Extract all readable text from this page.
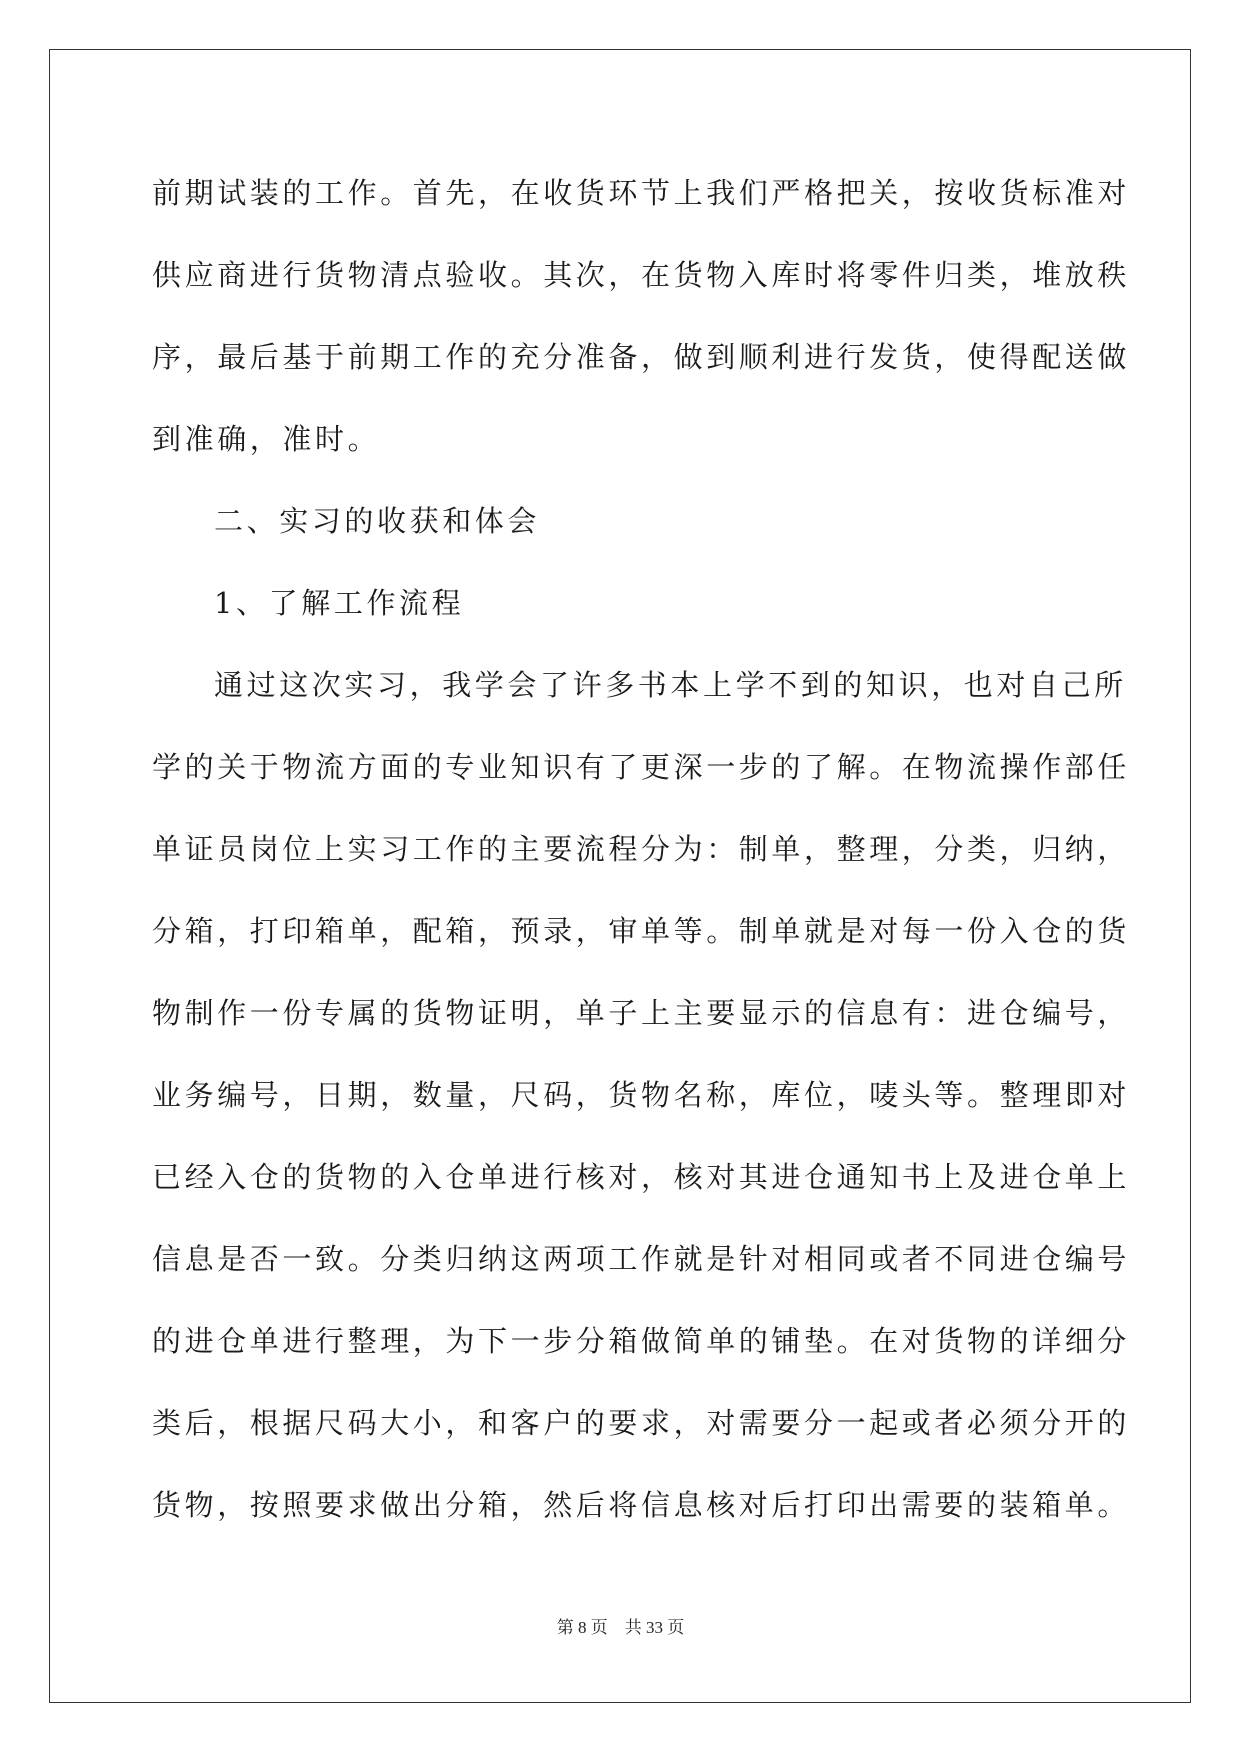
前期试装的工作。首先，在收货环节上我们严格把关，按收货标准对
供应商进行货物清点验收。其次，在货物入库时将零件归类，堆放秩
序，最后基于前期工作的充分准备，做到顺利进行发货，使得配送做
到准确，准时。
二、实习的收获和体会
1、了解工作流程
通过这次实习，我学会了许多书本上学不到的知识，也对自己所
学的关于物流方面的专业知识有了更深一步的了解。在物流操作部任
单证员岗位上实习工作的主要流程分为：制单，整理，分类，归纳，
分箱，打印箱单，配箱，预录，审单等。制单就是对每一份入仓的货
物制作一份专属的货物证明，单子上主要显示的信息有：进仓编号，
业务编号，日期，数量，尺码，货物名称，库位，唛头等。整理即对
已经入仓的货物的入仓单进行核对，核对其进仓通知书上及进仓单上
信息是否一致。分类归纳这两项工作就是针对相同或者不同进仓编号
的进仓单进行整理，为下一步分箱做简单的铺垫。在对货物的详细分
类后，根据尺码大小，和客户的要求，对需要分一起或者必须分开的
货物，按照要求做出分箱，然后将信息核对后打印出需要的装箱单。
第 8 页    共 33 页
